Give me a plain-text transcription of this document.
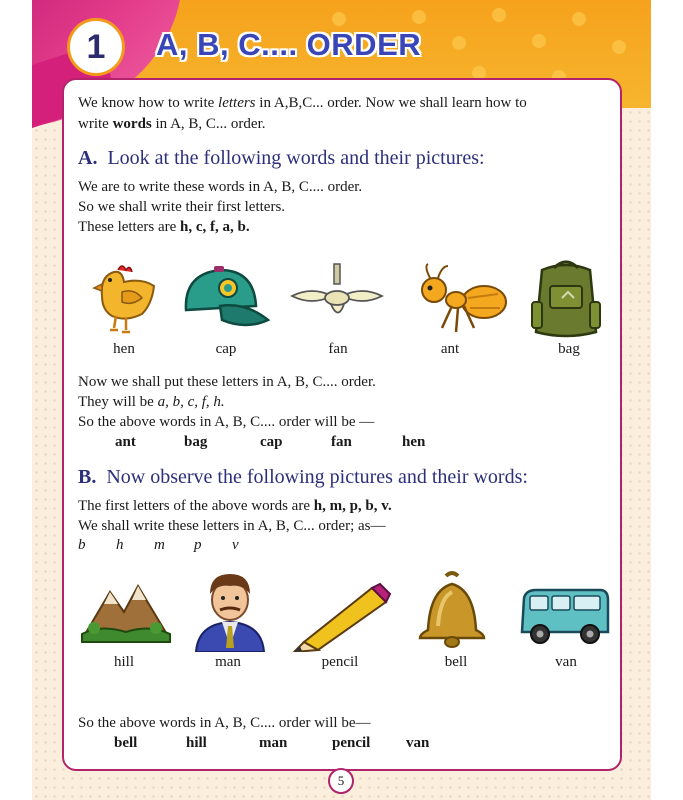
1	A, B, C.... ORDER
We know how to write letters in A,B,C... order. Now we shall learn how to
write words in A, B, C... order.
A. Look at the following words and their pictures:
We are to write these words in A, B, C.... order.
So we shall write their first letters.
These letters are h, c, f, a, b.
hen	cap	fan	ant	bag
Now we shall put these letters in A, B, C.... order.
They will be a, b, c, f, h.
So the above words in A, B, C.... order will be —
ant	bag	cap	fan	hen
B. Now observe the following pictures and their words:
The first letters of the above words are h, m, p, b, v.
We shall write these letters in A, B, C... order; as—
b h m p v
hill	man	pencil	bell	van
So the above words in A, B, C.... order will be—
bell	hill	man	pencil van
5
